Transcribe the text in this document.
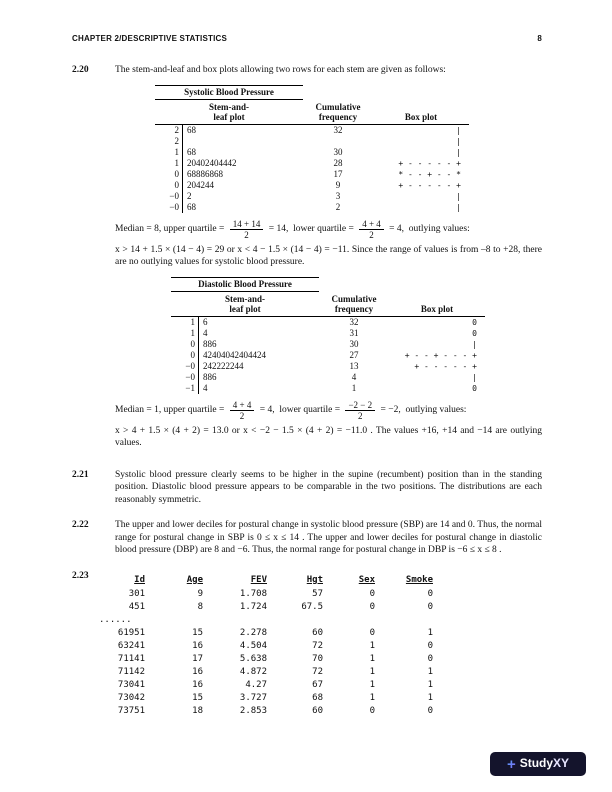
CHAPTER 2/DESCRIPTIVE STATISTICS	8
2.20	The stem-and-leaf and box plots allowing two rows for each stem are given as follows:

Systolic Blood Pressure			
Stem-and-
leaf plot		Cumulative
frequency	Box plot
2	68	32	|
2			|
1	68	30	|
1	20402404442	28	+ - - - - - +
0	68886868	17	* - - + - - *
0	204244	9	+ - - - - - +
−0	2	3	|
−0	68	2	|
Median = 8, upper quartile = $\frac{14 + 14}{2} = 14$,  lower quartile = $\frac{4 + 4}{2} = 4$,  outlying values:

x > 14 + 1.5 × (14 − 4) = 29 or x < 4 − 1.5 × (14 − 4) = −11. Since the range of values is from –8 to +28, there are no outlying values for systolic blood pressure.

Diastolic Blood Pressure			
Stem-and-
leaf plot		Cumulative
frequency	Box plot
1	6	32	0
1	4	31	0
0	886	30	|
0	42404042404424	27	+ - - + - - - +
−0	242222244	13	+ - - - - - +
−0	886	4	|
−1	4	1	0
Median = 1, upper quartile = $\frac{4 + 4}{2} = 4$,  lower quartile = $\frac{-2 - 2}{2} = -2$,  outlying values:

x > 4 + 1.5 × (4 + 2) = 13.0 or x < −2 − 1.5 × (4 + 2) = −11.0 . The values +16, +14 and −14 are outlying values.

2.21	Systolic blood pressure clearly seems to be higher in the supine (recumbent) position than in the standing position. Diastolic blood pressure appears to be comparable in the two positions. The distributions are each reasonably symmetric.

2.22	The upper and lower deciles for postural change in systolic blood pressure (SBP) are 14 and 0. Thus, the normal range for postural change in SBP is 0 ≤ x ≤ 14 . The upper and lower deciles for postural change in diastolic blood pressure (DBP) are 8 and −6. Thus, the normal range for postural change in DBP is −6 ≤ x ≤ 8 .

2.23	Id	Age	FEV	Hgt	Sex	Smoke
301	9	1.708	57	0	0
451	8	1.724	67.5	0	0
......					
61951	15	2.278	60	0	1
63241	16	4.504	72	1	0
71141	17	5.638	70	1	0
71142	16	4.872	72	1	1
73041	16	4.27	67	1	1
73042	15	3.727	68	1	1
73751	18	2.853	60	0	0
+ StudyXY
